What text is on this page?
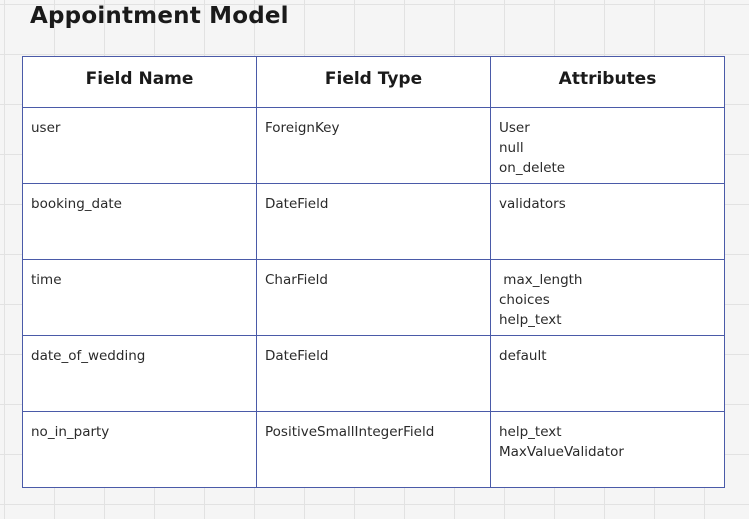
Appointment Model
Field Name	Field Type	Attributes
user	ForeignKey	User
null
on_delete

booking_date	DateField	validators

time	CharField	max_length
choices
help_text

date_of_wedding	DateField	default

no_in_party	PositiveSmallIntegerField	help_text
MaxValueValidator
